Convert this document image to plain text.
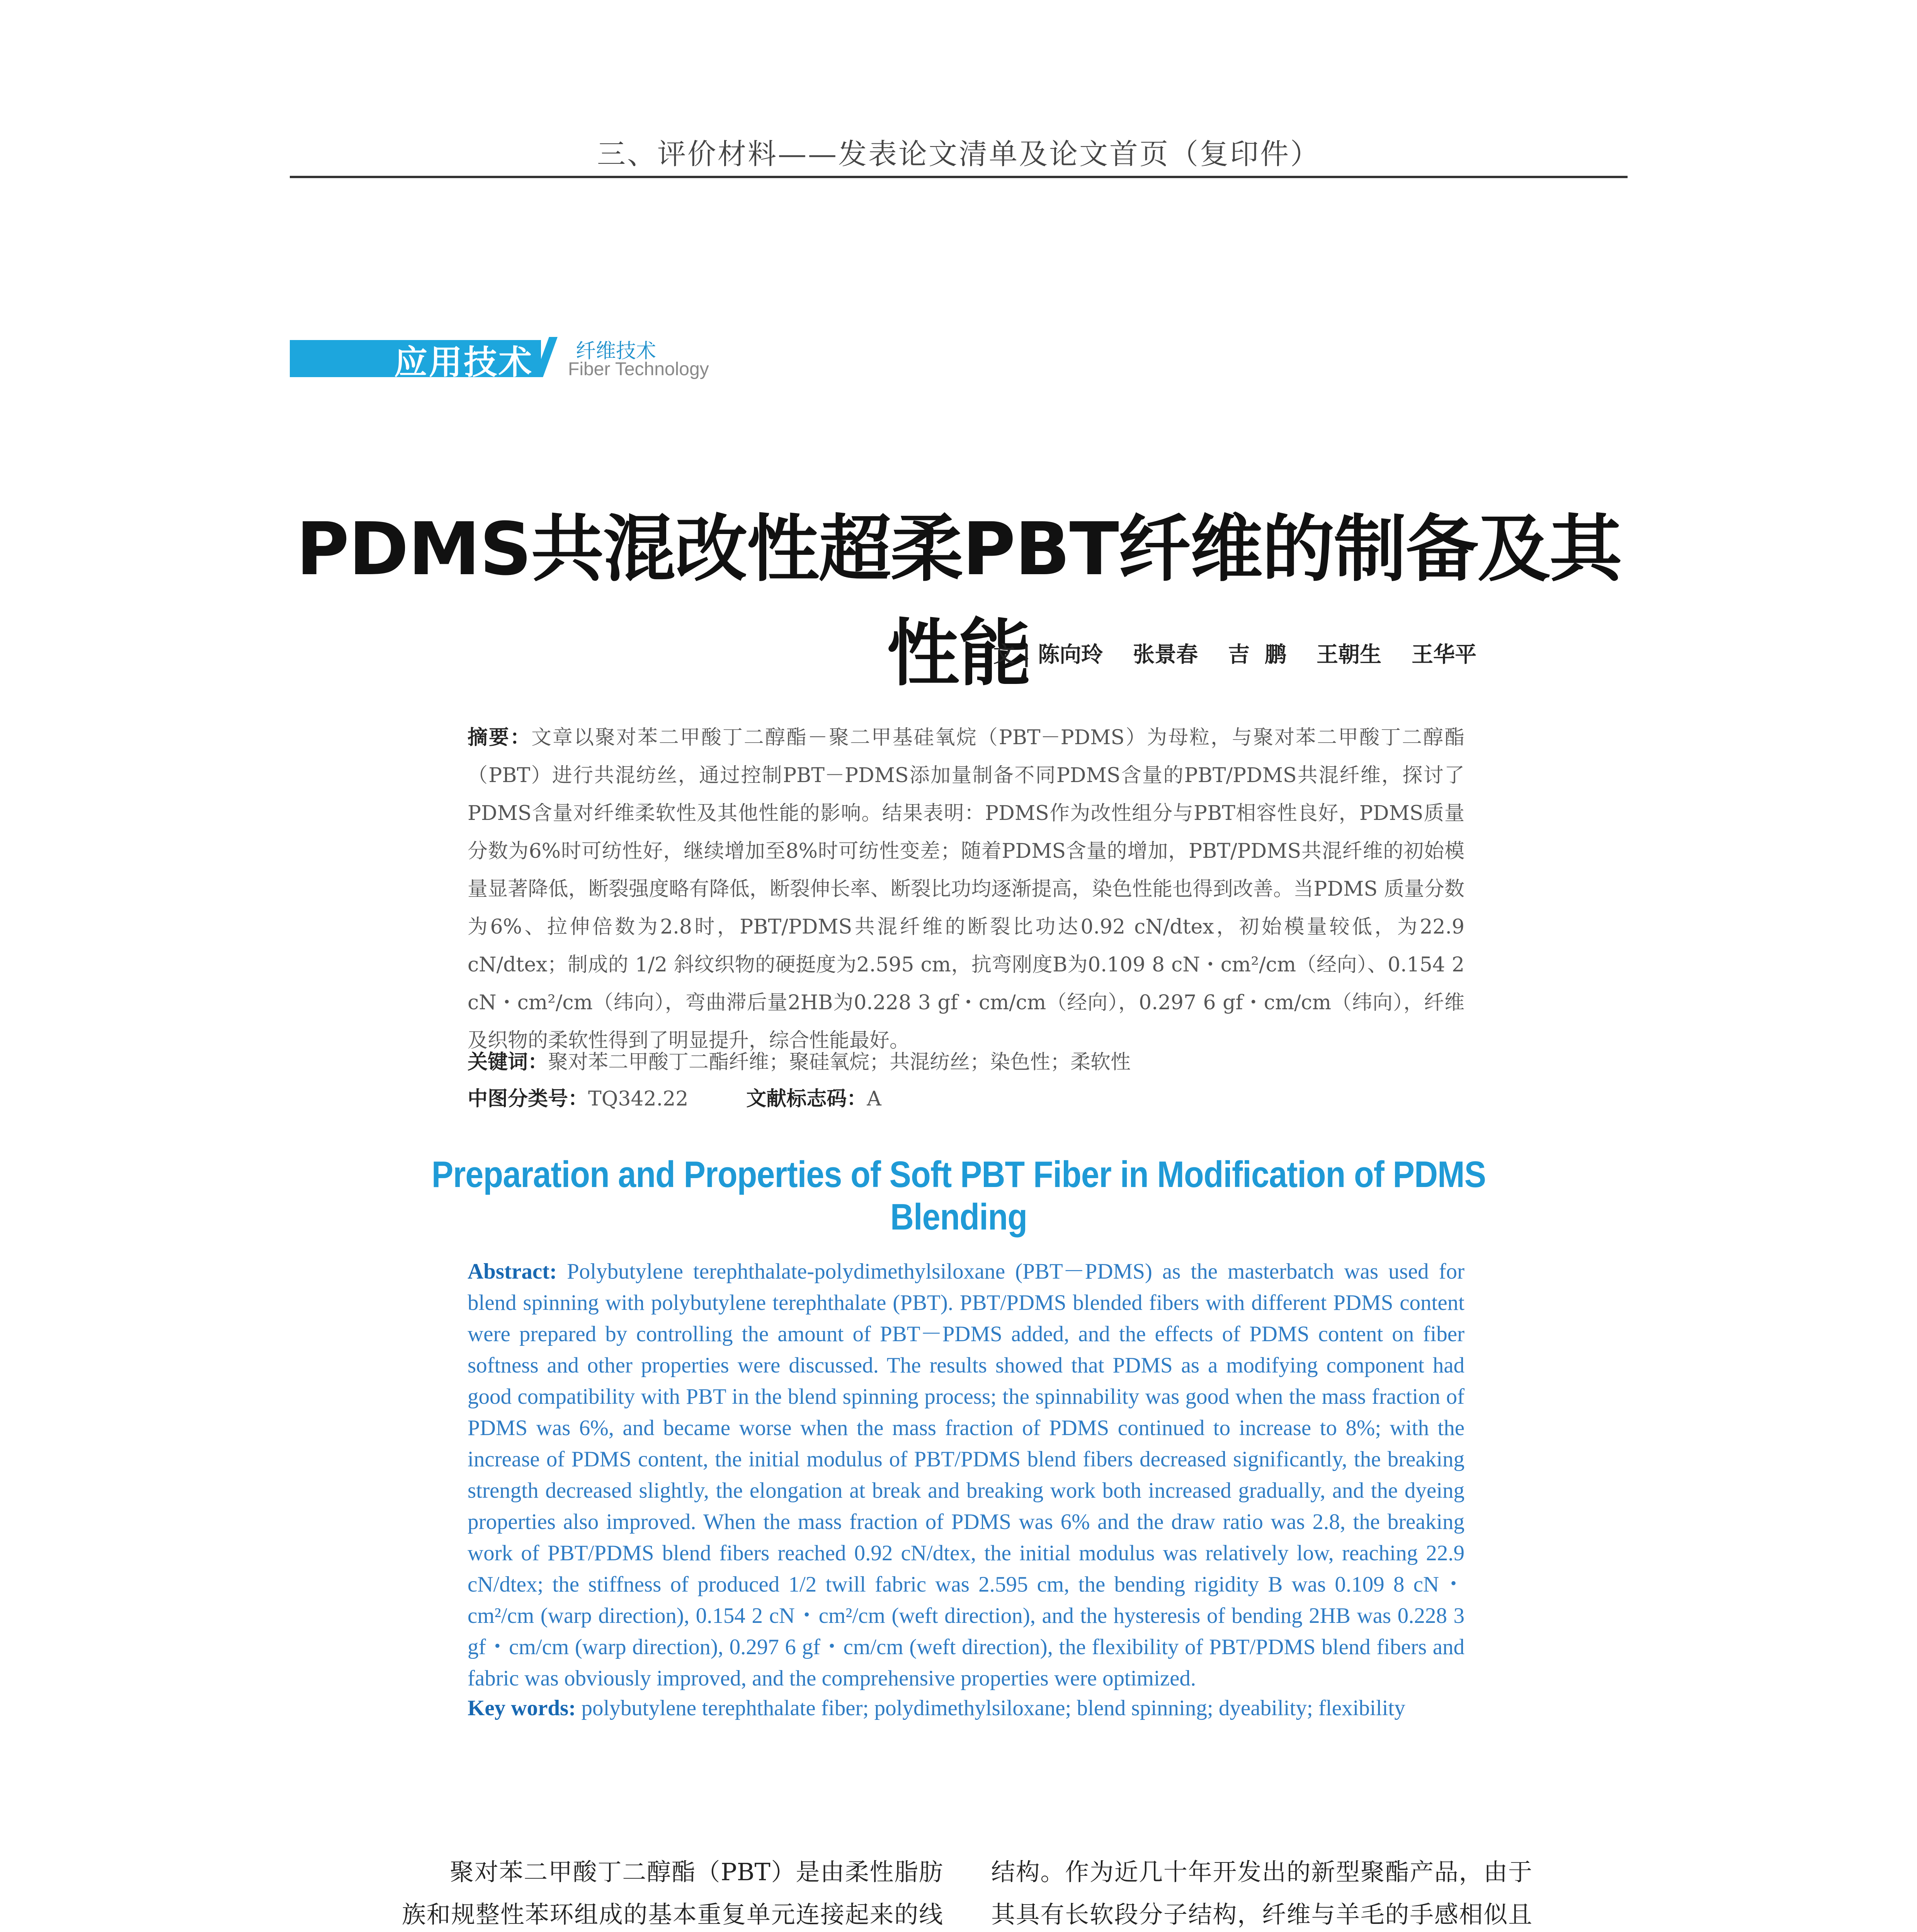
三、评价材料——发表论文清单及论文首页（复印件）
应用技术 纤维技术
Fiber Technology
PDMS共混改性超柔PBT纤维的制备及其性能
文 | 陈向玲    张景春    吉  鹏    王朝生    王华平
摘要：文章以聚对苯二甲酸丁二醇酯－聚二甲基硅氧烷（PBT－PDMS）为母粒，与聚对苯二甲酸丁二醇酯（PBT）进行共混纺丝，通过控制PBT－PDMS添加量制备不同PDMS含量的PBT/PDMS共混纤维，探讨了PDMS含量对纤维柔软性及其他性能的影响。结果表明：PDMS作为改性组分与PBT相容性良好，PDMS质量分数为6%时可纺性好，继续增加至8%时可纺性变差；随着PDMS含量的增加，PBT/PDMS共混纤维的初始模量显著降低，断裂强度略有降低，断裂伸长率、断裂比功均逐渐提高，染色性能也得到改善。当PDMS 质量分数为6%、拉伸倍数为2.8时，PBT/PDMS共混纤维的断裂比功达0.92 cN/dtex，初始模量较低，为22.9 cN/dtex；制成的 1/2 斜纹织物的硬挺度为2.595 cm，抗弯刚度B为0.109 8 cN・cm²/cm（经向）、0.154 2 cN・cm²/cm（纬向），弯曲滞后量2HB为0.228 3 gf・cm/cm（经向），0.297 6 gf・cm/cm（纬向），纤维及织物的柔软性得到了明显提升，综合性能最好。
关键词：聚对苯二甲酸丁二酯纤维；聚硅氧烷；共混纺丝；染色性；柔软性
中图分类号：TQ342.22	文献标志码：A
Preparation and Properties of Soft PBT Fiber in Modification of PDMS Blending
Abstract: Polybutylene terephthalate-polydimethylsiloxane (PBT－PDMS) as the masterbatch was used for blend spinning with polybutylene terephthalate (PBT). PBT/PDMS blended fibers with different PDMS content were prepared by controlling the amount of PBT－PDMS added, and the effects of PDMS content on fiber softness and other properties were discussed. The results showed that PDMS as a modifying component had good compatibility with PBT in the blend spinning process; the spinnability was good when the mass fraction of PDMS was 6%, and became worse when the mass fraction of PDMS continued to increase to 8%; with the increase of PDMS content, the initial modulus of PBT/PDMS blend fibers decreased significantly, the breaking strength decreased slightly, the elongation at break and breaking work both increased gradually, and the dyeing properties also improved. When the mass fraction of PDMS was 6% and the draw ratio was 2.8, the breaking work of PBT/PDMS blend fibers reached 0.92 cN/dtex, the initial modulus was relatively low, reaching 22.9 cN/dtex; the stiffness of produced 1/2 twill fabric was 2.595 cm, the bending rigidity B was 0.109 8 cN・cm²/cm (warp direction), 0.154 2 cN・cm²/cm (weft direction), and the hysteresis of bending 2HB was 0.228 3 gf・cm/cm (warp direction), 0.297 6 gf・cm/cm (weft direction), the flexibility of PBT/PDMS blend fibers and fabric was obviously improved, and the comprehensive properties were optimized.
Key words: polybutylene terephthalate fiber; polydimethylsiloxane; blend spinning; dyeability; flexibility
聚对苯二甲酸丁二醇酯（PBT）是由柔性脂肪族和规整性苯环组成的基本重复单元连接起来的线
结构。作为近几十年开发出的新型聚酯产品，由于其具有长软段分子结构，纤维与羊毛的手感相似且
